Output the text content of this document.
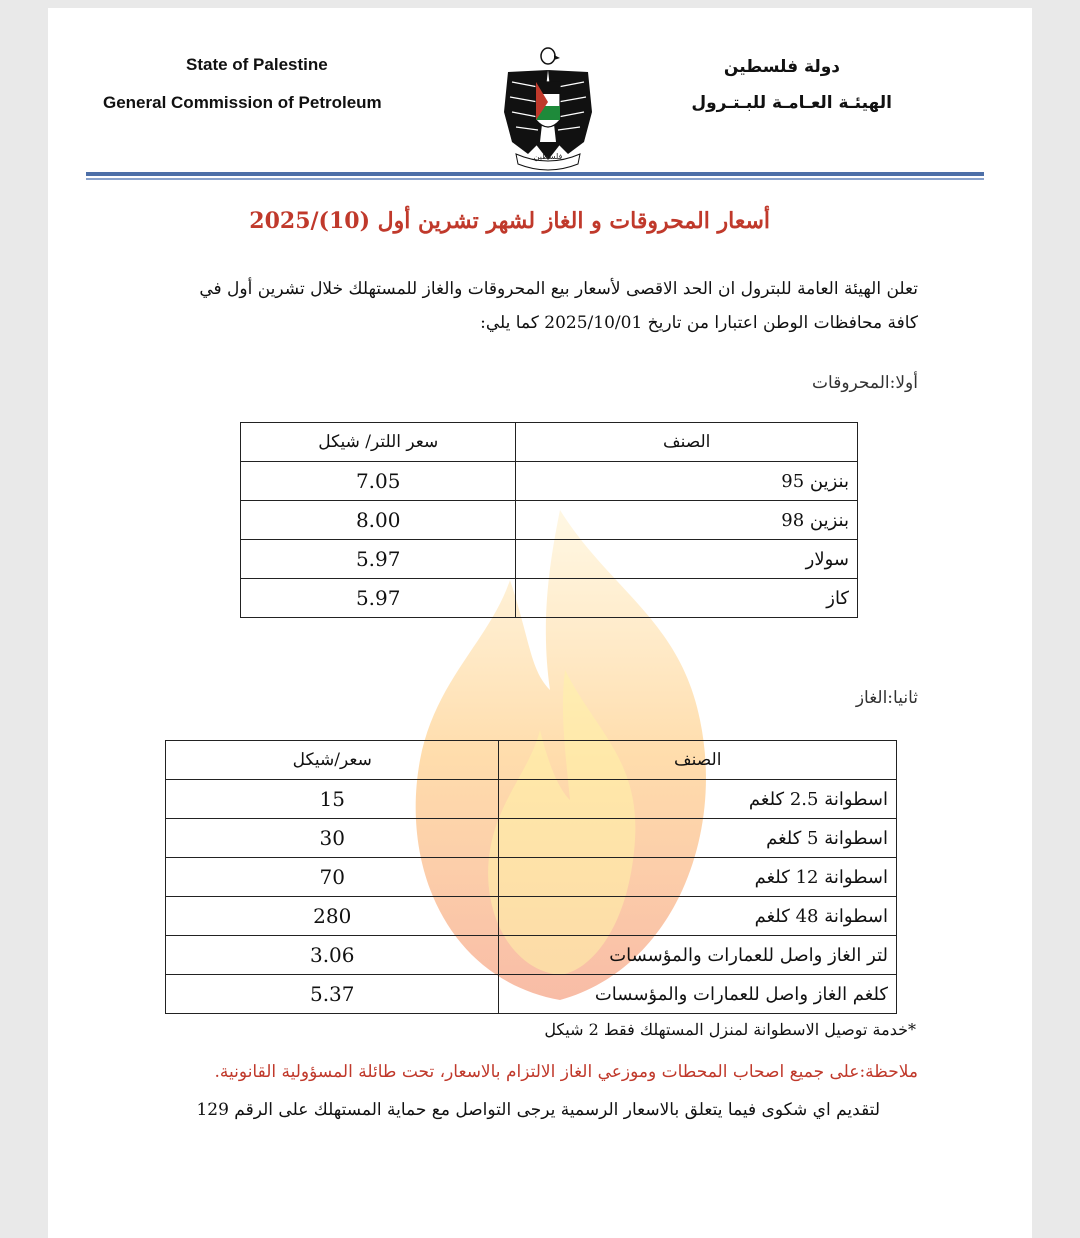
State of Palestine
General Commission of Petroleum
دولة فلسطين
الهيئـة العـامـة للبـتـرول
فلسطين
أسعار المحروقات و الغاز لشهر تشرين أول (10)/2025
تعلن الهيئة العامة للبترول ان الحد الاقصى لأسعار بيع المحروقات والغاز للمستهلك خلال تشرين أول في
كافة محافظات الوطن اعتبارا من تاريخ 2025/10/01 كما يلي:
أولا:المحروقات
الصنف	سعر اللتر/ شيكل
بنزين 95	7.05
بنزين 98	8.00
سولار	5.97
كاز	5.97
ثانيا:الغاز
الصنف	سعر/شيكل
اسطوانة 2.5 كلغم	15
اسطوانة 5 كلغم	30
اسطوانة 12 كلغم	70
اسطوانة 48 كلغم	280
لتر الغاز واصل للعمارات والمؤسسات	3.06
كلغم الغاز واصل للعمارات والمؤسسات	5.37
*خدمة توصيل الاسطوانة لمنزل المستهلك فقط 2 شيكل
ملاحظة:على جميع اصحاب المحطات وموزعي الغاز الالتزام بالاسعار، تحت طائلة المسؤولية القانونية.
لتقديم اي شكوى فيما يتعلق بالاسعار الرسمية يرجى التواصل مع حماية المستهلك على الرقم 129
